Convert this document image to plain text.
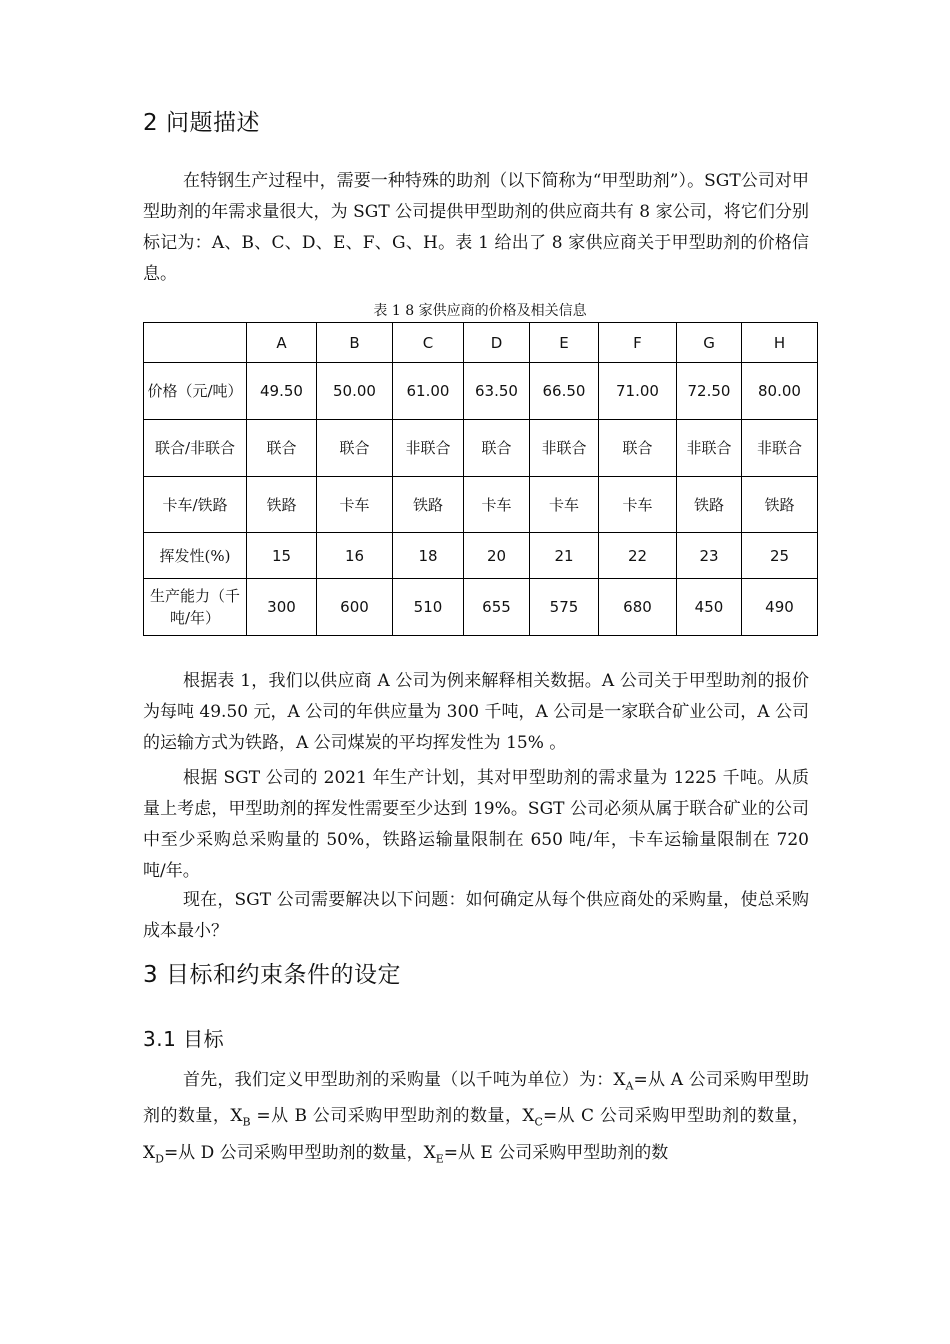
2 问题描述

在特钢生产过程中，需要一种特殊的助剂（以下简称为“甲型助剂”）。SGT公司对甲型助剂的年需求量很大，为 SGT 公司提供甲型助剂的供应商共有 8 家公司，将它们分别标记为：A、B、C、D、E、F、G、H。表 1 给出了 8 家供应商关于甲型助剂的价格信息。

表 1 8 家供应商的价格及相关信息
	A	B	C	D	E	F	G	H
价格（元/吨）	49.50	50.00	61.00	63.50	66.50	71.00	72.50	80.00
联合/非联合	联合	联合	非联合	联合	非联合	联合	非联合	非联合
卡车/铁路	铁路	卡车	铁路	卡车	卡车	卡车	铁路	铁路
挥发性(%)	15	16	18	20	21	22	23	25
生产能力（千吨/年）	300	600	510	655	575	680	450	490

根据表 1，我们以供应商 A 公司为例来解释相关数据。A 公司关于甲型助剂的报价为每吨 49.50 元，A 公司的年供应量为 300 千吨，A 公司是一家联合矿业公司，A 公司的运输方式为铁路，A 公司煤炭的平均挥发性为 15% 。

根据 SGT 公司的 2021 年生产计划，其对甲型助剂的需求量为 1225 千吨。从质量上考虑，甲型助剂的挥发性需要至少达到 19%。SGT 公司必须从属于联合矿业的公司中至少采购总采购量的 50%，铁路运输量限制在 650 吨/年，卡车运输量限制在 720 吨/年。

现在，SGT 公司需要解决以下问题：如何确定从每个供应商处的采购量，使总采购成本最小？

3 目标和约束条件的设定
3.1 目标

首先，我们定义甲型助剂的采购量（以千吨为单位）为：$X_A=$从 A 公司采购甲型助剂的数量，$X_B$ =从 B 公司采购甲型助剂的数量，$X_C=$从 C 公司采购甲型助剂的数量，$X_D=$从 D 公司采购甲型助剂的数量，$X_E=$从 E 公司采购甲型助剂的数
